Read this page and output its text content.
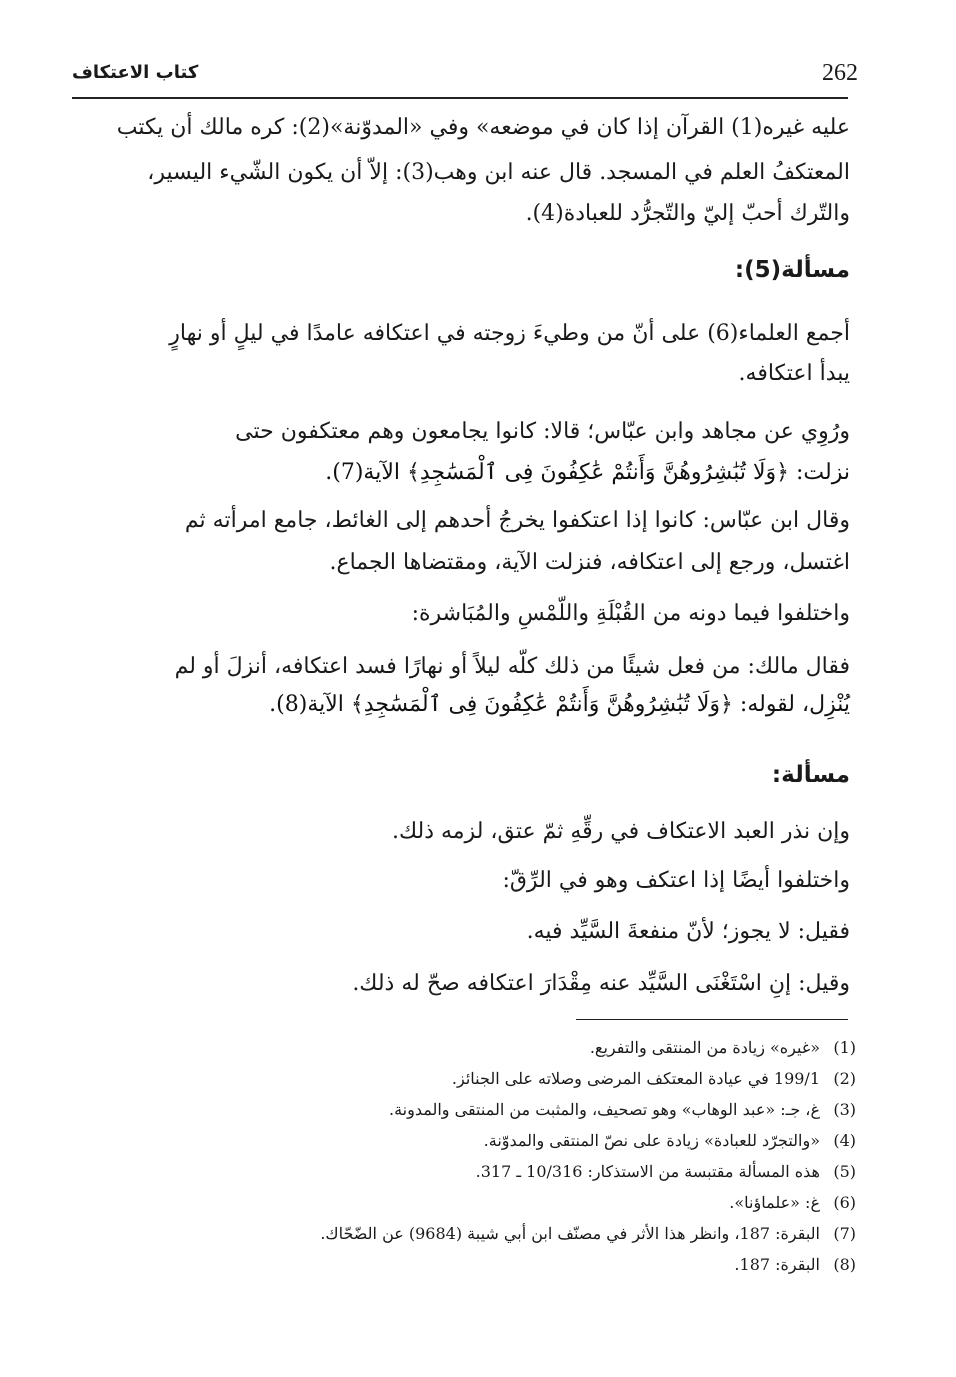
262
كتاب الاعتكاف
عليه غيره(1) القرآن إذا كان في موضعه» وفي «المدوّنة»(2): كره مالك أن يكتب
المعتكفُ العلم في المسجد. قال عنه ابن وهب(3): إلاّ أن يكون الشّيء اليسير،
والتّرك أحبّ إليّ والتّجرُّد للعبادة(4).
مسألة(5):
أجمع العلماء(6) على أنّ من وطيءَ زوجته في اعتكافه عامدًا في ليلٍ أو نهارٍ
يبدأ اعتكافه.
ورُوِي عن مجاهد وابن عبّاس؛ قالا: كانوا يجامعون وهم معتكفون حتى
نزلت: ﴿وَلَا تُبَٰشِرُوهُنَّ وَأَنتُمْ عَٰكِفُونَ فِى ٱلْمَسَٰجِدِ﴾ الآية(7).
وقال ابن عبّاس: كانوا إذا اعتكفوا يخرجُ أحدهم إلى الغائط، جامع امرأته ثم
اغتسل، ورجع إلى اعتكافه، فنزلت الآية، ومقتضاها الجماع.
واختلفوا فيما دونه من القُبْلَةِ واللّمْسِ والمُبَاشرة:
فقال مالك: من فعل شيئًا من ذلك كلّه ليلاً أو نهارًا فسد اعتكافه، أنزلَ أو لم
يُنْزِل، لقوله: ﴿وَلَا تُبَٰشِرُوهُنَّ وَأَنتُمْ عَٰكِفُونَ فِى ٱلْمَسَٰجِدِ﴾ الآية(8).
مسألة:
وإن نذر العبد الاعتكاف في رقِّهِ ثمّ عتق، لزمه ذلك.
واختلفوا أيضًا إذا اعتكف وهو في الرِّقّ:
فقيل: لا يجوز؛ لأنّ منفعةَ السَّيِّد فيه.
وقيل: إنِ اسْتَغْنَى السَّيِّد عنه مِقْدَارَ اعتكافه صحّ له ذلك.
(1)«غيره» زيادة من المنتقى والتفريع.
(2)199/1 في عيادة المعتكف المرضى وصلاته على الجنائز.
(3)غ، جـ: «عبد الوهاب» وهو تصحيف، والمثبت من المنتقى والمدونة.
(4)«والتجرّد للعبادة» زيادة على نصّ المنتقى والمدوّنة.
(5)هذه المسألة مقتبسة من الاستذكار: 10/316 ـ 317.
(6)غ: «علماؤنا».
(7)البقرة: 187، وانظر هذا الأثر في مصنّف ابن أبي شيبة (9684) عن الضّحّاك.
(8)البقرة: 187.
